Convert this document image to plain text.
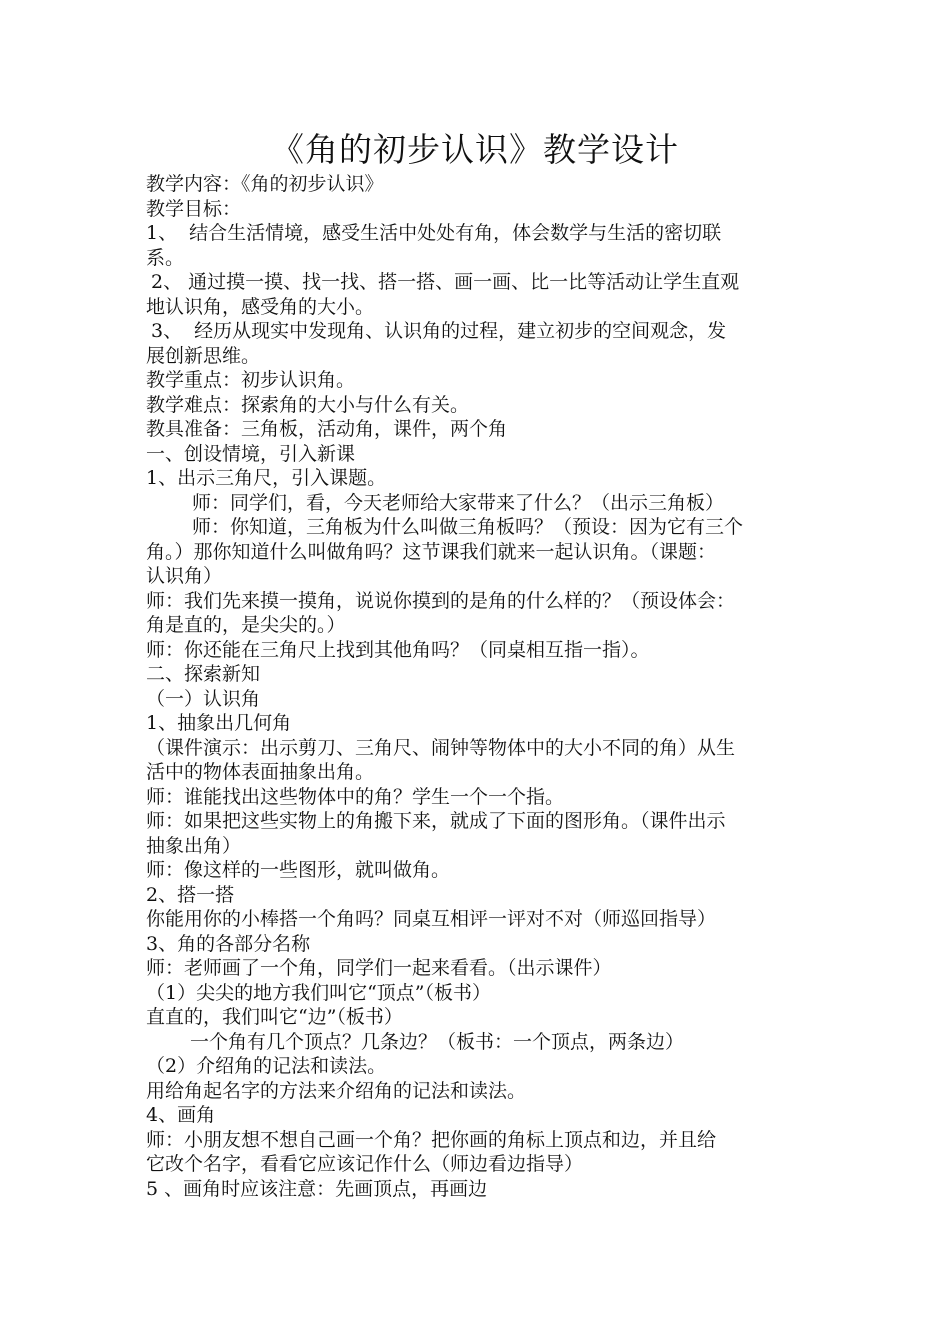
《角的初步认识》教学设计
教学内容：《角的初步认识》
教学目标：
1、  结合生活情境，感受生活中处处有角，体会数学与生活的密切联
系。
2、 通过摸一摸、找一找、搭一搭、画一画、比一比等活动让学生直观
地认识角，感受角的大小。
3、  经历从现实中发现角、认识角的过程，建立初步的空间观念，发
展创新思维。
教学重点：初步认识角。
教学难点：探索角的大小与什么有关。
教具准备：三角板，活动角，课件，两个角
一、创设情境，引入新课
1、出示三角尺，引入课题。
师：同学们，看，今天老师给大家带来了什么？（出示三角板）
师：你知道，三角板为什么叫做三角板吗？（预设：因为它有三个
角。）那你知道什么叫做角吗？这节课我们就来一起认识角。（课题：
认识角）
师：我们先来摸一摸角，说说你摸到的是角的什么样的？（预设体会：
角是直的，是尖尖的。）
师：你还能在三角尺上找到其他角吗？（同桌相互指一指）。
二、探索新知
（一）认识角
1、抽象出几何角
（课件演示：出示剪刀、三角尺、闹钟等物体中的大小不同的角）从生
活中的物体表面抽象出角。
师：谁能找出这些物体中的角？学生一个一个指。
师：如果把这些实物上的角搬下来，就成了下面的图形角。（课件出示
抽象出角）
师：像这样的一些图形，就叫做角。
2、搭一搭
你能用你的小棒搭一个角吗？同桌互相评一评对不对（师巡回指导）
3、角的各部分名称
师：老师画了一个角，同学们一起来看看。（出示课件）
（1）尖尖的地方我们叫它“顶点”（板书）
直直的，我们叫它“边”（板书）
一个角有几个顶点？几条边？（板书：一个顶点，两条边）
（2）介绍角的记法和读法。
用给角起名字的方法来介绍角的记法和读法。
4、画角
师：小朋友想不想自己画一个角？把你画的角标上顶点和边，并且给
它改个名字，看看它应该记作什么（师边看边指导）
5 、画角时应该注意：先画顶点，再画边
